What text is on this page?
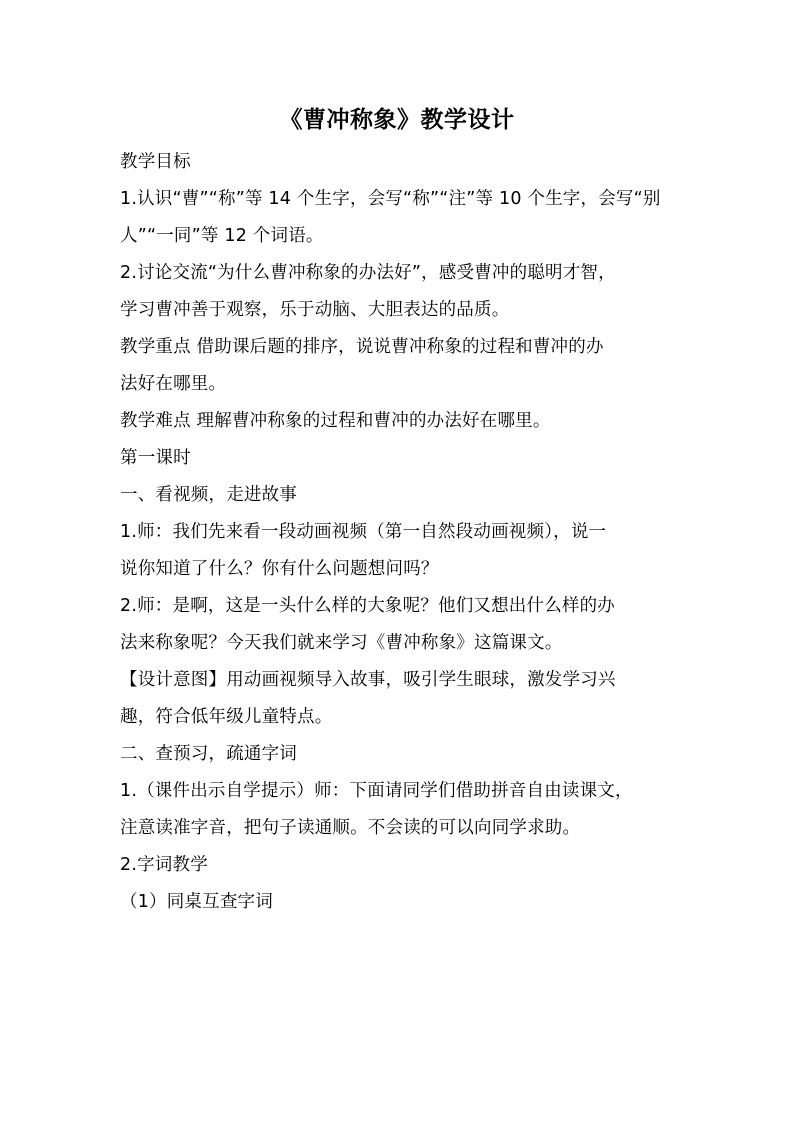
《曹冲称象》教学设计
教学目标
1.认识“曹”“称”等 14 个生字，会写“称”“注”等 10 个生字，会写“别
人”“一同”等 12 个词语。
2.讨论交流“为什么曹冲称象的办法好”，感受曹冲的聪明才智，
学习曹冲善于观察，乐于动脑、大胆表达的品质。
教学重点 借助课后题的排序，说说曹冲称象的过程和曹冲的办
法好在哪里。
教学难点 理解曹冲称象的过程和曹冲的办法好在哪里。
第一课时
一、看视频，走进故事
1.师：我们先来看一段动画视频（第一自然段动画视频），说一
说你知道了什么？你有什么问题想问吗？
2.师：是啊，这是一头什么样的大象呢？他们又想出什么样的办
法来称象呢？今天我们就来学习《曹冲称象》这篇课文。
【设计意图】用动画视频导入故事，吸引学生眼球，激发学习兴
趣，符合低年级儿童特点。
二、查预习，疏通字词
1.（课件出示自学提示）师：下面请同学们借助拼音自由读课文，
注意读准字音，把句子读通顺。不会读的可以向同学求助。
2.字词教学
（1）同桌互查字词
